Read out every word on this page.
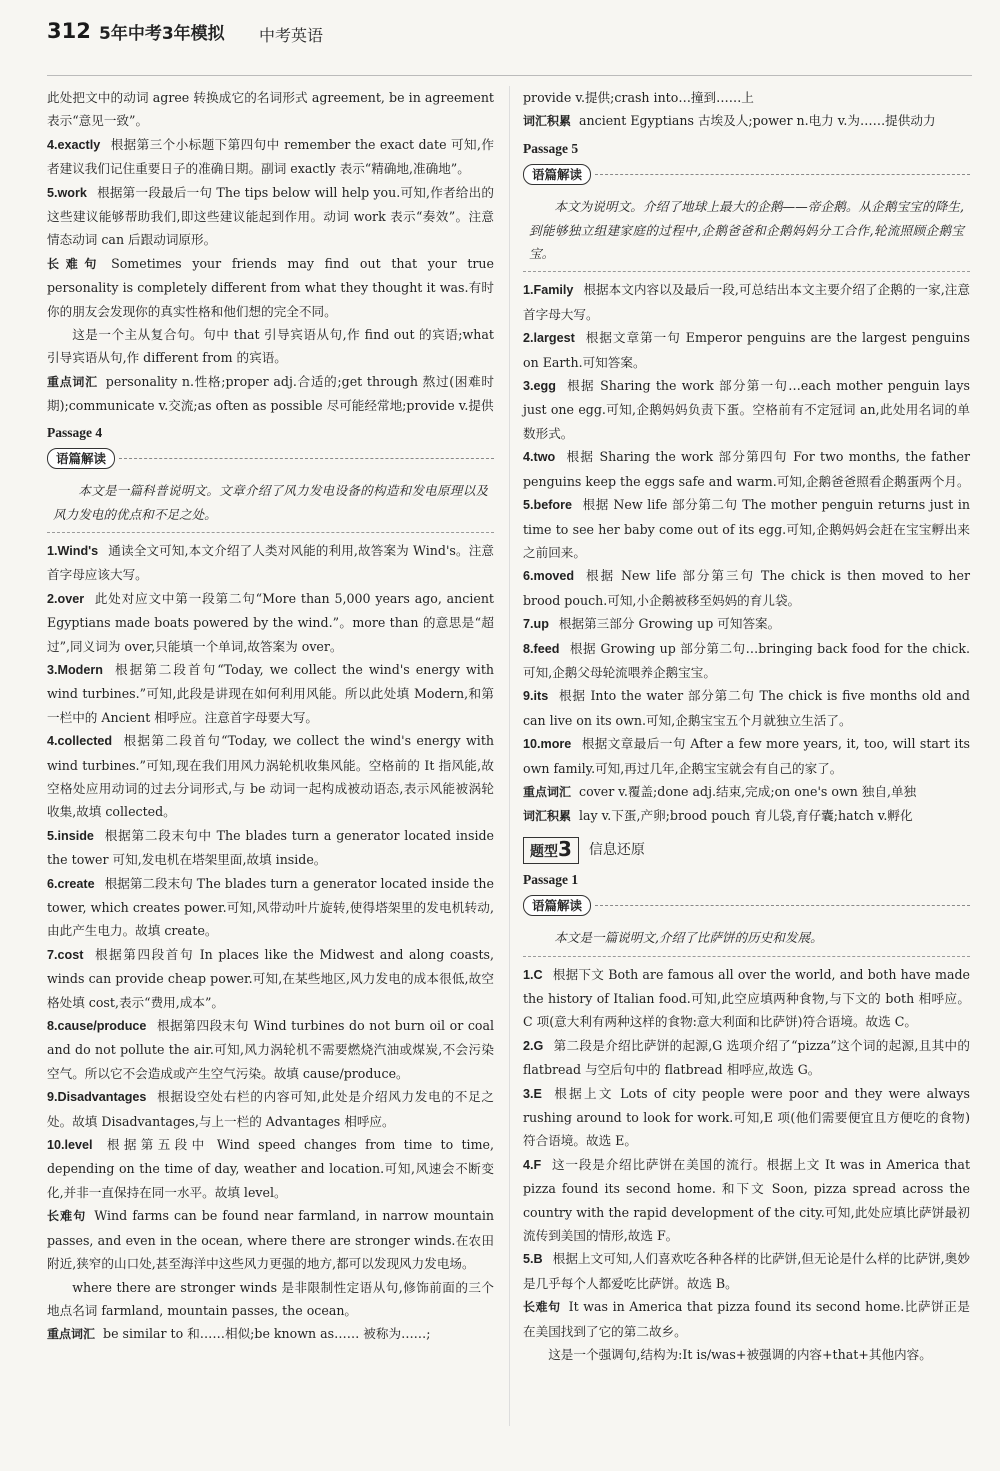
312 5年中考3年模拟 中考英语

此处把文中的动词 agree 转换成它的名词形式 agreement, be in agreement 表示“意见一致”。

4.exactly 根据第三个小标题下第四句中 remember the exact date 可知,作者建议我们记住重要日子的准确日期。副词 exactly 表示“精确地,准确地”。

5.work 根据第一段最后一句 The tips below will help you.可知,作者给出的这些建议能够帮助我们,即这些建议能起到作用。动词 work 表示“奏效”。注意情态动词 can 后跟动词原形。

长难句 Sometimes your friends may find out that your true personality is completely different from what they thought it was.有时你的朋友会发现你的真实性格和他们想的完全不同。

这是一个主从复合句。句中 that 引导宾语从句,作 find out 的宾语;what 引导宾语从句,作 different from 的宾语。

重点词汇 personality n.性格;proper adj.合适的;get through 熬过(困难时期);communicate v.交流;as often as possible 尽可能经常地;provide v.提供

Passage 4
语篇解读

本文是一篇科普说明文。文章介绍了风力发电设备的构造和发电原理以及风力发电的优点和不足之处。

1.Wind's 通读全文可知,本文介绍了人类对风能的利用,故答案为 Wind's。注意首字母应该大写。

2.over 此处对应文中第一段第二句“More than 5,000 years ago, ancient Egyptians made boats powered by the wind.”。more than 的意思是“超过”,同义词为 over,只能填一个单词,故答案为 over。

3.Modern 根据第二段首句“Today, we collect the wind's energy with wind turbines.”可知,此段是讲现在如何利用风能。所以此处填 Modern,和第一栏中的 Ancient 相呼应。注意首字母要大写。

4.collected 根据第二段首句“Today, we collect the wind's energy with wind turbines.”可知,现在我们用风力涡轮机收集风能。空格前的 It 指风能,故空格处应用动词的过去分词形式,与 be 动词一起构成被动语态,表示风能被涡轮收集,故填 collected。

5.inside 根据第二段末句中 The blades turn a generator located inside the tower 可知,发电机在塔架里面,故填 inside。

6.create 根据第二段末句 The blades turn a generator located inside the tower, which creates power.可知,风带动叶片旋转,使得塔架里的发电机转动,由此产生电力。故填 create。

7.cost 根据第四段首句 In places like the Midwest and along coasts, winds can provide cheap power.可知,在某些地区,风力发电的成本很低,故空格处填 cost,表示“费用,成本”。

8.cause/produce 根据第四段末句 Wind turbines do not burn oil or coal and do not pollute the air.可知,风力涡轮机不需要燃烧汽油或煤炭,不会污染空气。所以它不会造成或产生空气污染。故填 cause/produce。

9.Disadvantages 根据设空处右栏的内容可知,此处是介绍风力发电的不足之处。故填 Disadvantages,与上一栏的 Advantages 相呼应。

10.level 根据第五段中 Wind speed changes from time to time, depending on the time of day, weather and location.可知,风速会不断变化,并非一直保持在同一水平。故填 level。

长难句 Wind farms can be found near farmland, in narrow mountain passes, and even in the ocean, where there are stronger winds.在农田附近,狭窄的山口处,甚至海洋中这些风力更强的地方,都可以发现风力发电场。

where there are stronger winds 是非限制性定语从句,修饰前面的三个地点名词 farmland, mountain passes, the ocean。

重点词汇 be similar to 和……相似;be known as…… 被称为……;

provide v.提供;crash into…撞到……上

词汇积累 ancient Egyptians 古埃及人;power n.电力 v.为……提供动力

Passage 5
语篇解读

本文为说明文。介绍了地球上最大的企鹅——帝企鹅。从企鹅宝宝的降生,到能够独立组建家庭的过程中,企鹅爸爸和企鹅妈妈分工合作,轮流照顾企鹅宝宝。

1.Family 根据本文内容以及最后一段,可总结出本文主要介绍了企鹅的一家,注意首字母大写。

2.largest 根据文章第一句 Emperor penguins are the largest penguins on Earth.可知答案。

3.egg 根据 Sharing the work 部分第一句…each mother penguin lays just one egg.可知,企鹅妈妈负责下蛋。空格前有不定冠词 an,此处用名词的单数形式。

4.two 根据 Sharing the work 部分第四句 For two months, the father penguins keep the eggs safe and warm.可知,企鹅爸爸照看企鹅蛋两个月。

5.before 根据 New life 部分第二句 The mother penguin returns just in time to see her baby come out of its egg.可知,企鹅妈妈会赶在宝宝孵出来之前回来。

6.moved 根据 New life 部分第三句 The chick is then moved to her brood pouch.可知,小企鹅被移至妈妈的育儿袋。

7.up 根据第三部分 Growing up 可知答案。

8.feed 根据 Growing up 部分第二句…bringing back food for the chick.可知,企鹅父母轮流喂养企鹅宝宝。

9.its 根据 Into the water 部分第二句 The chick is five months old and can live on its own.可知,企鹅宝宝五个月就独立生活了。

10.more 根据文章最后一句 After a few more years, it, too, will start its own family.可知,再过几年,企鹅宝宝就会有自己的家了。

重点词汇 cover v.覆盖;done adj.结束,完成;on one's own 独自,单独

词汇积累 lay v.下蛋,产卵;brood pouch 育儿袋,育仔囊;hatch v.孵化

题型3	信息还原
Passage 1
语篇解读

本文是一篇说明文,介绍了比萨饼的历史和发展。

1.C 根据下文 Both are famous all over the world, and both have made the history of Italian food.可知,此空应填两种食物,与下文的 both 相呼应。C 项(意大利有两种这样的食物:意大利面和比萨饼)符合语境。故选 C。

2.G 第二段是介绍比萨饼的起源,G 选项介绍了“pizza”这个词的起源,且其中的 flatbread 与空后句中的 flatbread 相呼应,故选 G。

3.E 根据上文 Lots of city people were poor and they were always rushing around to look for work.可知,E 项(他们需要便宜且方便吃的食物)符合语境。故选 E。

4.F 这一段是介绍比萨饼在美国的流行。根据上文 It was in America that pizza found its second home. 和下文 Soon, pizza spread across the country with the rapid development of the city.可知,此处应填比萨饼最初流传到美国的情形,故选 F。

5.B 根据上文可知,人们喜欢吃各种各样的比萨饼,但无论是什么样的比萨饼,奥妙是几乎每个人都爱吃比萨饼。故选 B。

长难句 It was in America that pizza found its second home.比萨饼正是在美国找到了它的第二故乡。

这是一个强调句,结构为:It is/was+被强调的内容+that+其他内容。
